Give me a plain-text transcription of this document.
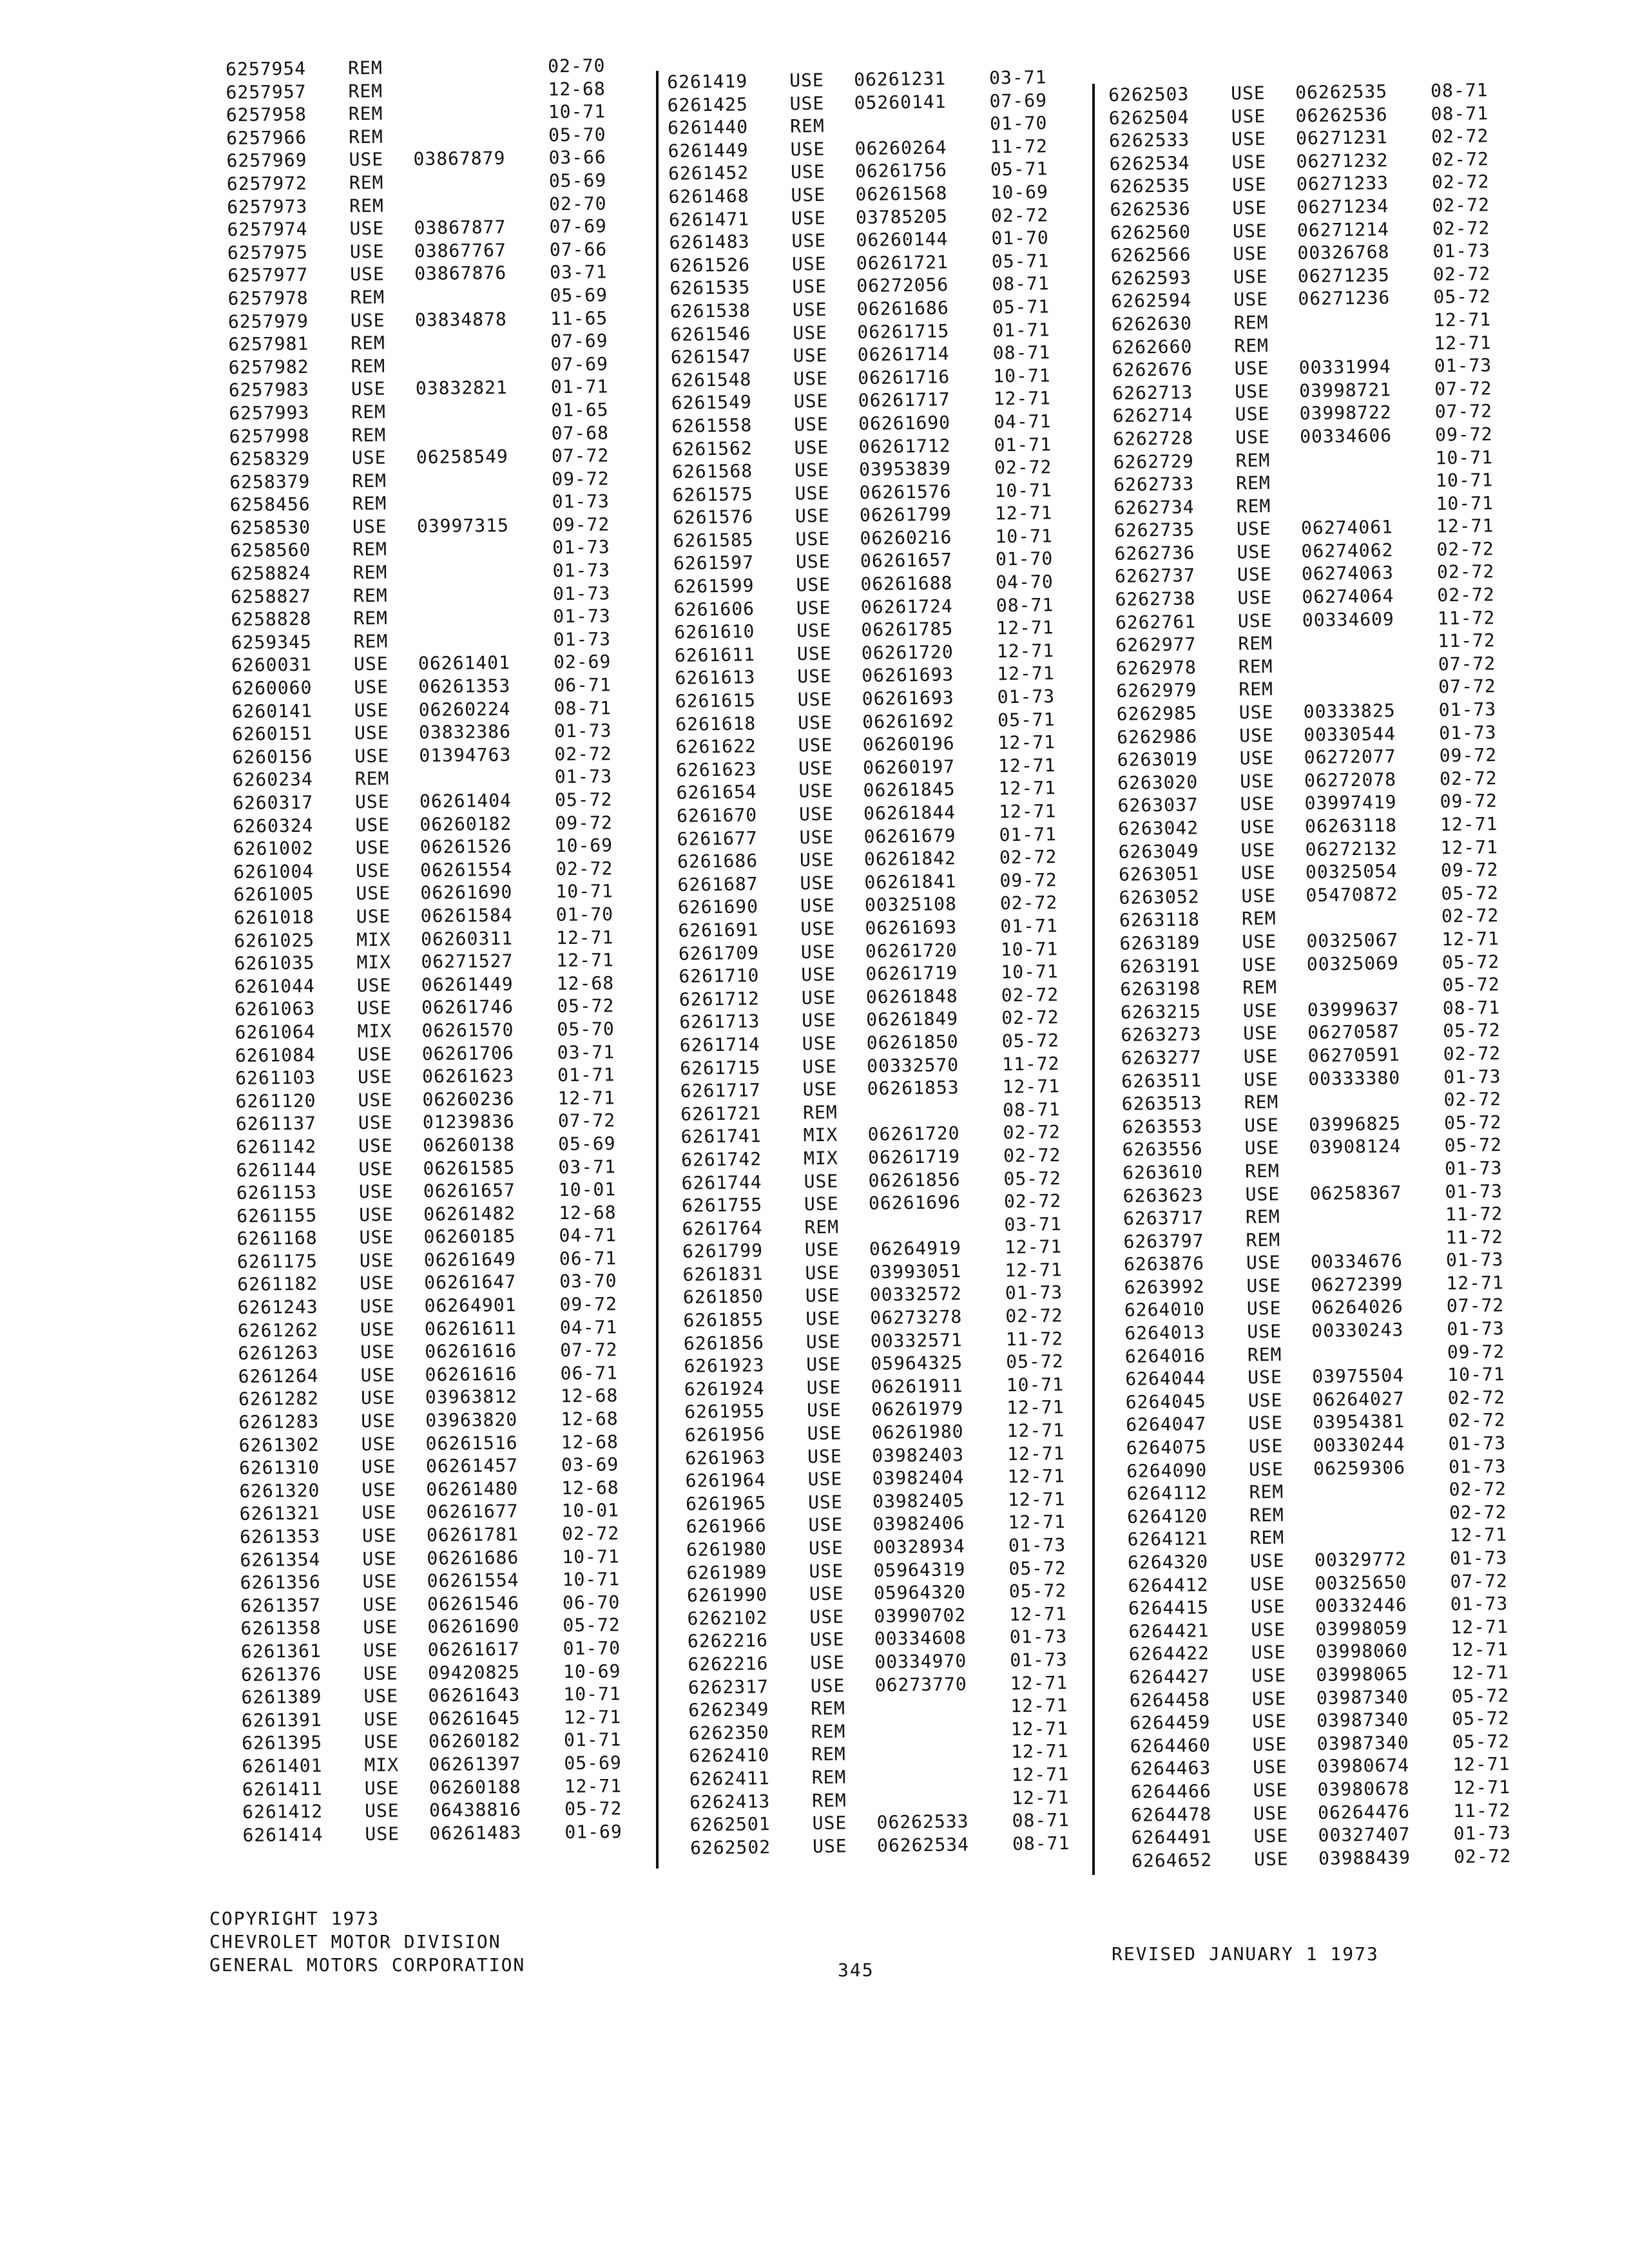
6257954 REM	02-70
6257957 REM	12-68
6257958 REM	10-71
6257966 REM	05-70
6257969 USE 03867879 03-66
6257972 REM	05-69
6257973 REM	02-70
6257974 USE 03867877 07-69
6257975 USE 03867767 07-66
6257977 USE 03867876 03-71
6257978 REM	05-69
6257979 USE 03834878 11-65
6257981 REM	07-69
6257982 REM	07-69
6257983 USE 03832821 01-71
6257993 REM	01-65
6257998 REM	07-68
6258329 USE 06258549 07-72
6258379 REM	09-72
6258456 REM	01-73
6258530 USE 03997315 09-72
6258560 REM	01-73
6258824 REM	01-73
6258827 REM	01-73
6258828 REM	01-73
6259345 REM	01-73
6260031 USE 06261401 02-69
6260060 USE 06261353 06-71
6260141 USE 06260224 08-71
6260151 USE 03832386 01-73
6260156 USE 01394763 02-72
6260234 REM	01-73
6260317 USE 06261404 05-72
6260324 USE 06260182 09-72
6261002 USE 06261526 10-69
6261004 USE 06261554 02-72
6261005 USE 06261690 10-71
6261018 USE 06261584 01-70
6261025 MIX 06260311 12-71
6261035 MIX 06271527 12-71
6261044 USE 06261449 12-68
6261063 USE 06261746 05-72
6261064 MIX 06261570 05-70
6261084 USE 06261706 03-71
6261103 USE 06261623 01-71
6261120 USE 06260236 12-71
6261137 USE 01239836 07-72
6261142 USE 06260138 05-69
6261144 USE 06261585 03-71
6261153 USE 06261657 10-01
6261155 USE 06261482 12-68
6261168 USE 06260185 04-71
6261175 USE 06261649 06-71
6261182 USE 06261647 03-70
6261243 USE 06264901 09-72
6261262 USE 06261611 04-71
6261263 USE 06261616 07-72
6261264 USE 06261616 06-71
6261282 USE 03963812 12-68
6261283 USE 03963820 12-68
6261302 USE 06261516 12-68
6261310 USE 06261457 03-69
6261320 USE 06261480 12-68
6261321 USE 06261677 10-01
6261353 USE 06261781 02-72
6261354 USE 06261686 10-71
6261356 USE 06261554 10-71
6261357 USE 06261546 06-70
6261358 USE 06261690 05-72
6261361 USE 06261617 01-70
6261376 USE 09420825 10-69
6261389 USE 06261643 10-71
6261391 USE 06261645 12-71
6261395 USE 06260182 01-71
6261401 MIX 06261397 05-69
6261411 USE 06260188 12-71
6261412 USE 06438816 05-72
6261414 USE 06261483 01-69
6261419 USE 06261231 03-71
6261425 USE 05260141 07-69
6261440 REM	01-70
6261449 USE 06260264 11-72
6261452 USE 06261756 05-71
6261468 USE 06261568 10-69
6261471 USE 03785205 02-72
6261483 USE 06260144 01-70
6261526 USE 06261721 05-71
6261535 USE 06272056 08-71
6261538 USE 06261686 05-71
6261546 USE 06261715 01-71
6261547 USE 06261714 08-71
6261548 USE 06261716 10-71
6261549 USE 06261717 12-71
6261558 USE 06261690 04-71
6261562 USE 06261712 01-71
6261568 USE 03953839 02-72
6261575 USE 06261576 10-71
6261576 USE 06261799 12-71
6261585 USE 06260216 10-71
6261597 USE 06261657 01-70
6261599 USE 06261688 04-70
6261606 USE 06261724 08-71
6261610 USE 06261785 12-71
6261611 USE 06261720 12-71
6261613 USE 06261693 12-71
6261615 USE 06261693 01-73
6261618 USE 06261692 05-71
6261622 USE 06260196 12-71
6261623 USE 06260197 12-71
6261654 USE 06261845 12-71
6261670 USE 06261844 12-71
6261677 USE 06261679 01-71
6261686 USE 06261842 02-72
6261687 USE 06261841 09-72
6261690 USE 00325108 02-72
6261691 USE 06261693 01-71
6261709 USE 06261720 10-71
6261710 USE 06261719 10-71
6261712 USE 06261848 02-72
6261713 USE 06261849 02-72
6261714 USE 06261850 05-72
6261715 USE 00332570 11-72
6261717 USE 06261853 12-71
6261721 REM	08-71
6261741 MIX 06261720 02-72
6261742 MIX 06261719 02-72
6261744 USE 06261856 05-72
6261755 USE 06261696 02-72
6261764 REM	03-71
6261799 USE 06264919 12-71
6261831 USE 03993051 12-71
6261850 USE 00332572 01-73
6261855 USE 06273278 02-72
6261856 USE 00332571 11-72
6261923 USE 05964325 05-72
6261924 USE 06261911 10-71
6261955 USE 06261979 12-71
6261956 USE 06261980 12-71
6261963 USE 03982403 12-71
6261964 USE 03982404 12-71
6261965 USE 03982405 12-71
6261966 USE 03982406 12-71
6261980 USE 00328934 01-73
6261989 USE 05964319 05-72
6261990 USE 05964320 05-72
6262102 USE 03990702 12-71
6262216 USE 00334608 01-73
6262216 USE 00334970 01-73
6262317 USE 06273770 12-71
6262349 REM	12-71
6262350 REM	12-71
6262410 REM	12-71
6262411 REM	12-71
6262413 REM	12-71
6262501 USE 06262533 08-71
6262502 USE 06262534 08-71
6262503 USE 06262535 08-71
6262504 USE 06262536 08-71
6262533 USE 06271231 02-72
6262534 USE 06271232 02-72
6262535 USE 06271233 02-72
6262536 USE 06271234 02-72
6262560 USE 06271214 02-72
6262566 USE 00326768 01-73
6262593 USE 06271235 02-72
6262594 USE 06271236 05-72
6262630 REM	12-71
6262660 REM	12-71
6262676 USE 00331994 01-73
6262713 USE 03998721 07-72
6262714 USE 03998722 07-72
6262728 USE 00334606 09-72
6262729 REM	10-71
6262733 REM	10-71
6262734 REM	10-71
6262735 USE 06274061 12-71
6262736 USE 06274062 02-72
6262737 USE 06274063 02-72
6262738 USE 06274064 02-72
6262761 USE 00334609 11-72
6262977 REM	11-72
6262978 REM	07-72
6262979 REM	07-72
6262985 USE 00333825 01-73
6262986 USE 00330544 01-73
6263019 USE 06272077 09-72
6263020 USE 06272078 02-72
6263037 USE 03997419 09-72
6263042 USE 06263118 12-71
6263049 USE 06272132 12-71
6263051 USE 00325054 09-72
6263052 USE 05470872 05-72
6263118 REM	02-72
6263189 USE 00325067 12-71
6263191 USE 00325069 05-72
6263198 REM	05-72
6263215 USE 03999637 08-71
6263273 USE 06270587 05-72
6263277 USE 06270591 02-72
6263511 USE 00333380 01-73
6263513 REM	02-72
6263553 USE 03996825 05-72
6263556 USE 03908124 05-72
6263610 REM	01-73
6263623 USE 06258367 01-73
6263717 REM	11-72
6263797 REM	11-72
6263876 USE 00334676 01-73
6263992 USE 06272399 12-71
6264010 USE 06264026 07-72
6264013 USE 00330243 01-73
6264016 REM	09-72
6264044 USE 03975504 10-71
6264045 USE 06264027 02-72
6264047 USE 03954381 02-72
6264075 USE 00330244 01-73
6264090 USE 06259306 01-73
6264112 REM	02-72
6264120 REM	02-72
6264121 REM	12-71
6264320 USE 00329772 01-73
6264412 USE 00325650 07-72
6264415 USE 00332446 01-73
6264421 USE 03998059 12-71
6264422 USE 03998060 12-71
6264427 USE 03998065 12-71
6264458 USE 03987340 05-72
6264459 USE 03987340 05-72
6264460 USE 03987340 05-72
6264463 USE 03980674 12-71
6264466 USE 03980678 12-71
6264478 USE 06264476 11-72
6264491 USE 00327407 01-73
6264652 USE 03988439 02-72
COPYRIGHT 1973
CHEVROLET MOTOR DIVISION
GENERAL MOTORS CORPORATION	345
REVISED JANUARY 1 1973
